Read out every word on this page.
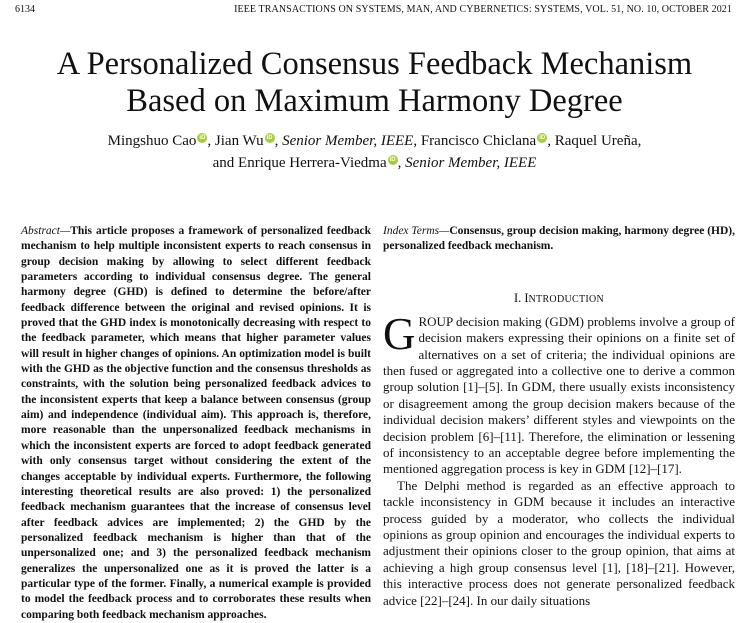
6134	IEEE TRANSACTIONS ON SYSTEMS, MAN, AND CYBERNETICS: SYSTEMS, VOL. 51, NO. 10, OCTOBER 2021
A Personalized Consensus Feedback Mechanism
Based on Maximum Harmony Degree
Mingshuo Cao iD , Jian Wu iD , Senior Member, IEEE, Francisco Chiclana iD , Raquel Ureña,
and Enrique Herrera-Viedma iD , Senior Member, IEEE
Abstract—This article proposes a framework of personalized feedback mechanism to help multiple inconsistent experts to reach consensus in group decision making by allowing to select different feedback parameters according to individual consensus degree. The general harmony degree (GHD) is defined to determine the before/after feedback difference between the original and revised opinions. It is proved that the GHD index is monotonically decreasing with respect to the feedback parameter, which means that higher parameter values will result in higher changes of opinions. An optimization model is built with the GHD as the objective function and the consensus thresholds as constraints, with the solution being personalized feedback advices to the inconsistent experts that keep a balance between consensus (group aim) and independence (individual aim). This approach is, therefore, more reasonable than the unpersonalized feedback mechanisms in which the inconsistent experts are forced to adopt feedback generated with only consensus target without considering the extent of the changes acceptable by individual experts. Furthermore, the following interesting theoretical results are also proved: 1) the personalized feedback mechanism guarantees that the increase of consensus level after feedback advices are implemented; 2) the GHD by the personalized feedback mechanism is higher than that of the unpersonalized one; and 3) the personalized feedback mechanism generalizes the unpersonalized one as it is proved the latter is a particular type of the former. Finally, a numerical example is provided to model the feedback process and to corroborates these results when comparing both feedback mechanism approaches.
Index Terms—Consensus, group decision making, harmony degree (HD), personalized feedback mechanism.
I. INTRODUCTION

GROUP decision making (GDM) problems involve a group of decision makers expressing their opinions on a finite set of alternatives on a set of criteria; the individual opinions are then fused or aggregated into a collective one to derive a common group solution [1]–[5]. In GDM, there usually exists inconsistency or disagreement among the group decision makers because of the individual decision makers’ different styles and viewpoints on the decision problem [6]–[11]. Therefore, the elimination or lessening of inconsistency to an acceptable degree before implementing the mentioned aggregation process is key in GDM [12]–[17].

The Delphi method is regarded as an effective approach to tackle inconsistency in GDM because it includes an interactive process guided by a moderator, who collects the individual opinions as group opinion and encourages the individual experts to adjustment their opinions closer to the group opinion, that aims at achieving a high group consensus level [1], [18]–[21]. However, this interactive process does not generate personalized feedback advice [22]–[24]. In our daily situations
